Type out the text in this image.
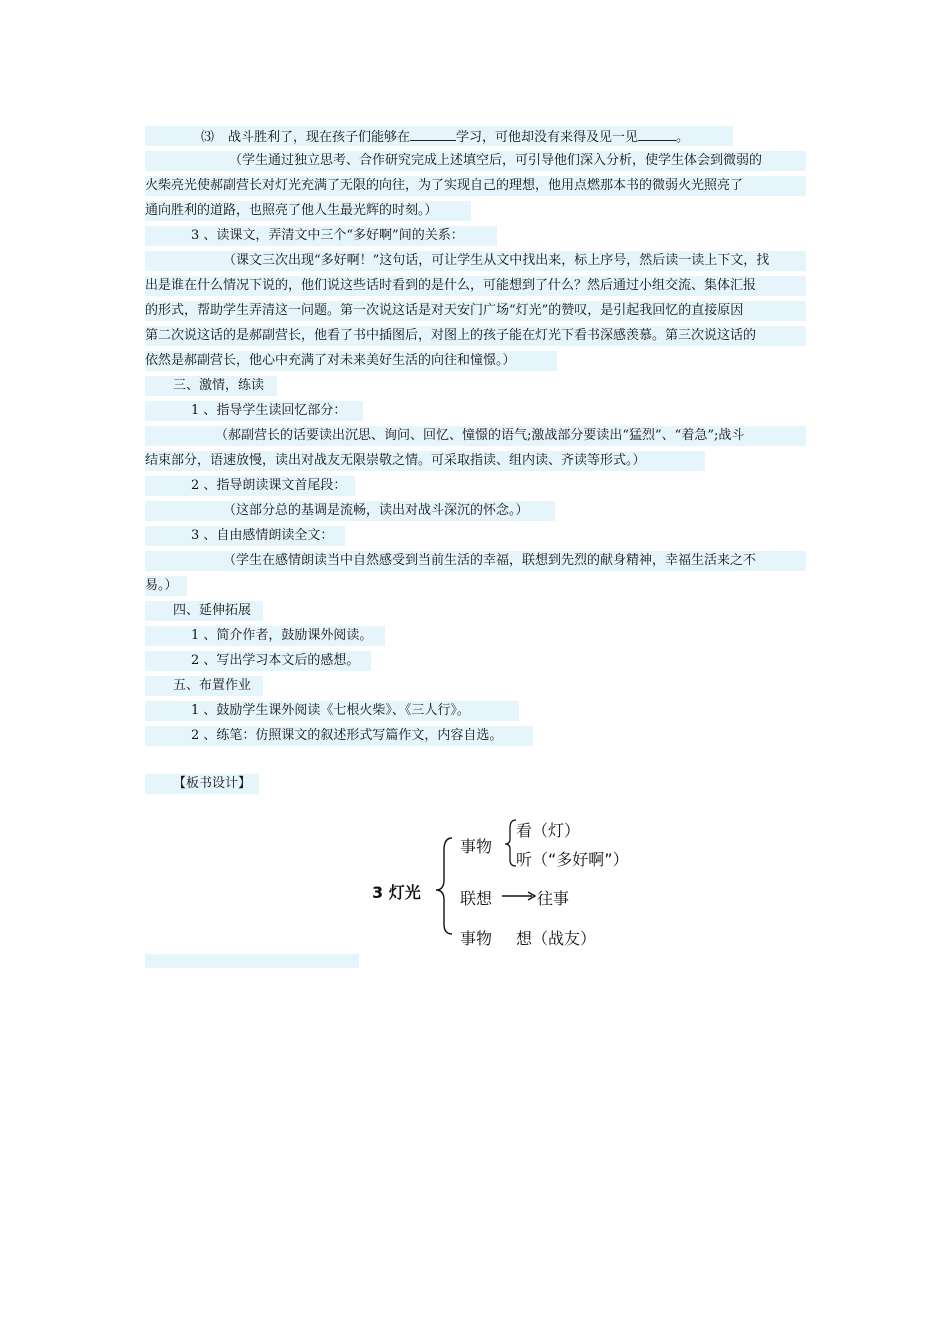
⑶ 战斗胜利了，现在孩子们能够在	学习，可他却没有来得及见一见	。
（学生通过独立思考、合作研究完成上述填空后，可引导他们深入分析，使学生体会到微弱的
火柴亮光使郝副营长对灯光充满了无限的向往，为了实现自己的理想，他用点燃那本书的微弱火光照亮了
通向胜利的道路，也照亮了他人生最光辉的时刻。）
3 、读课文，弄清文中三个“多好啊”间的关系：
（课文三次出现“多好啊！”这句话，可让学生从文中找出来，标上序号，然后读一读上下文，找
出是谁在什么情况下说的，他们说这些话时看到的是什么，可能想到了什么？然后通过小组交流、集体汇报
的形式，帮助学生弄清这一问题。第一次说这话是对天安门广场“灯光”的赞叹，是引起我回忆的直接原因
第二次说这话的是郝副营长，他看了书中插图后，对图上的孩子能在灯光下看书深感羡慕。第三次说这话的
依然是郝副营长，他心中充满了对未来美好生活的向往和憧憬。）
三、激情，练读
1 、指导学生读回忆部分：
（郝副营长的话要读出沉思、询问、回忆、憧憬的语气;激战部分要读出“猛烈”、“着急”;战斗
结束部分，语速放慢，读出对战友无限崇敬之情。可采取指读、组内读、齐读等形式。）
2 、指导朗读课文首尾段：
（这部分总的基调是流畅，读出对战斗深沉的怀念。）
3 、自由感情朗读全文：
（学生在感情朗读当中自然感受到当前生活的幸福，联想到先烈的献身精神，幸福生活来之不
易。）
四、延伸拓展
1 、简介作者，鼓励课外阅读。
2 、写出学习本文后的感想。
五、布置作业
1 、鼓励学生课外阅读《七根火柴》、《三人行》。
2 、练笔：仿照课文的叙述形式写篇作文，内容自选。
【板书设计】
3 灯光
事物
看（灯）
听（“多好啊”）
联想	往事
事物 想（战友）
